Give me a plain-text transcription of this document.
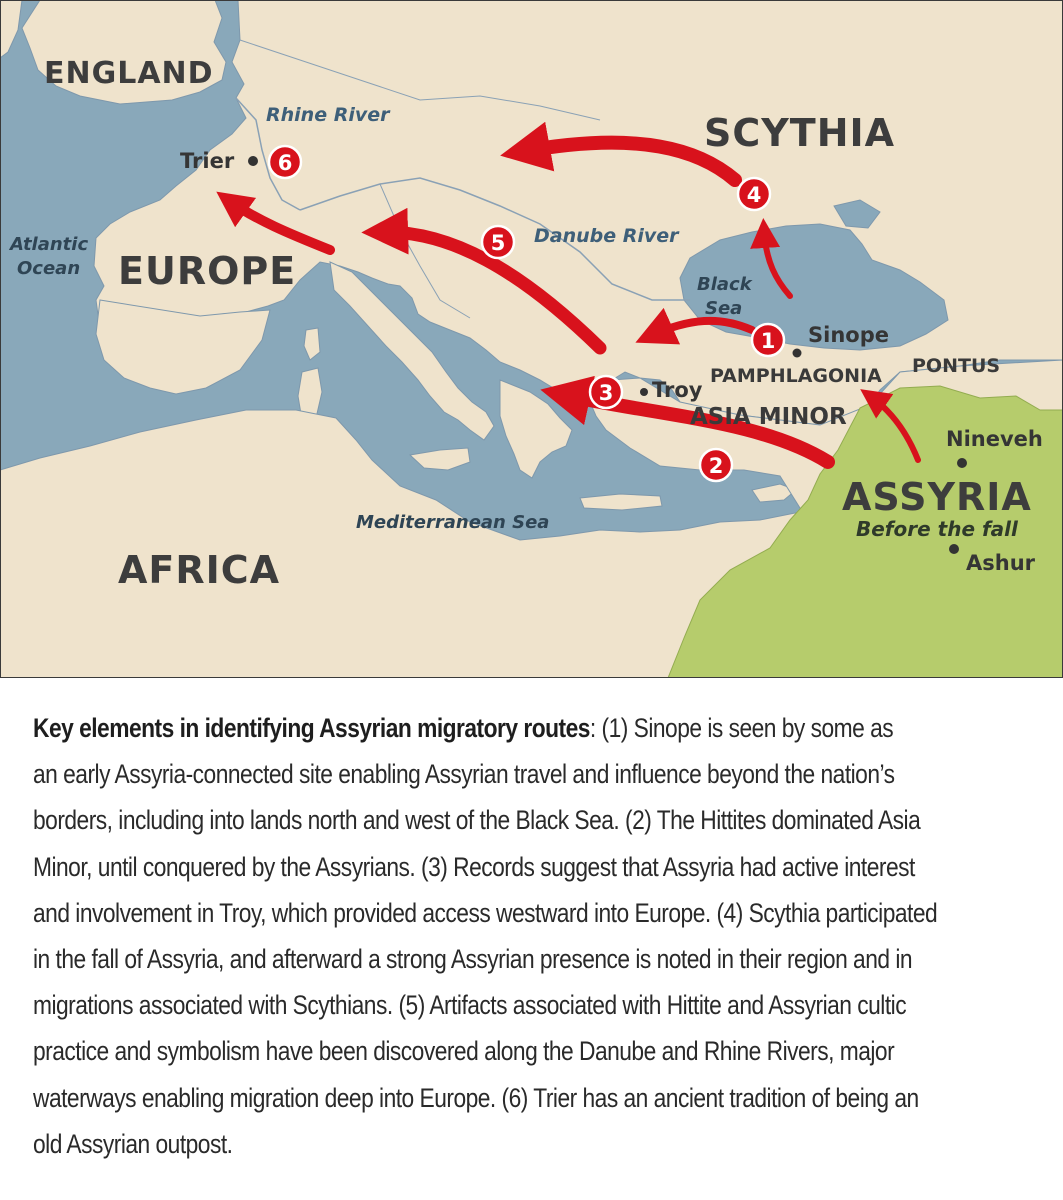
ENGLAND
SCYTHIA
EUROPE
AFRICA
ASSYRIA
Before the fall
ASIA MINOR
PAMPHLAGONIA PONTUS
Rhine River
Danube River
Atlantic
Ocean
Black
Sea
Mediterranean Sea
Trier
Sinope
Troy
Nineveh
Ashur
1
2
3
4
5
6
Key elements in identifying Assyrian migratory routes: (1) Sinope is seen by some as
an early Assyria-connected site enabling Assyrian travel and influence beyond the nation’s
borders, including into lands north and west of the Black Sea. (2) The Hittites dominated Asia
Minor, until conquered by the Assyrians. (3) Records suggest that Assyria had active interest
and involvement in Troy, which provided access westward into Europe. (4) Scythia participated
in the fall of Assyria, and afterward a strong Assyrian presence is noted in their region and in
migrations associated with Scythians. (5) Artifacts associated with Hittite and Assyrian cultic
practice and symbolism have been discovered along the Danube and Rhine Rivers, major
waterways enabling migration deep into Europe. (6) Trier has an ancient tradition of being an
old Assyrian outpost.
